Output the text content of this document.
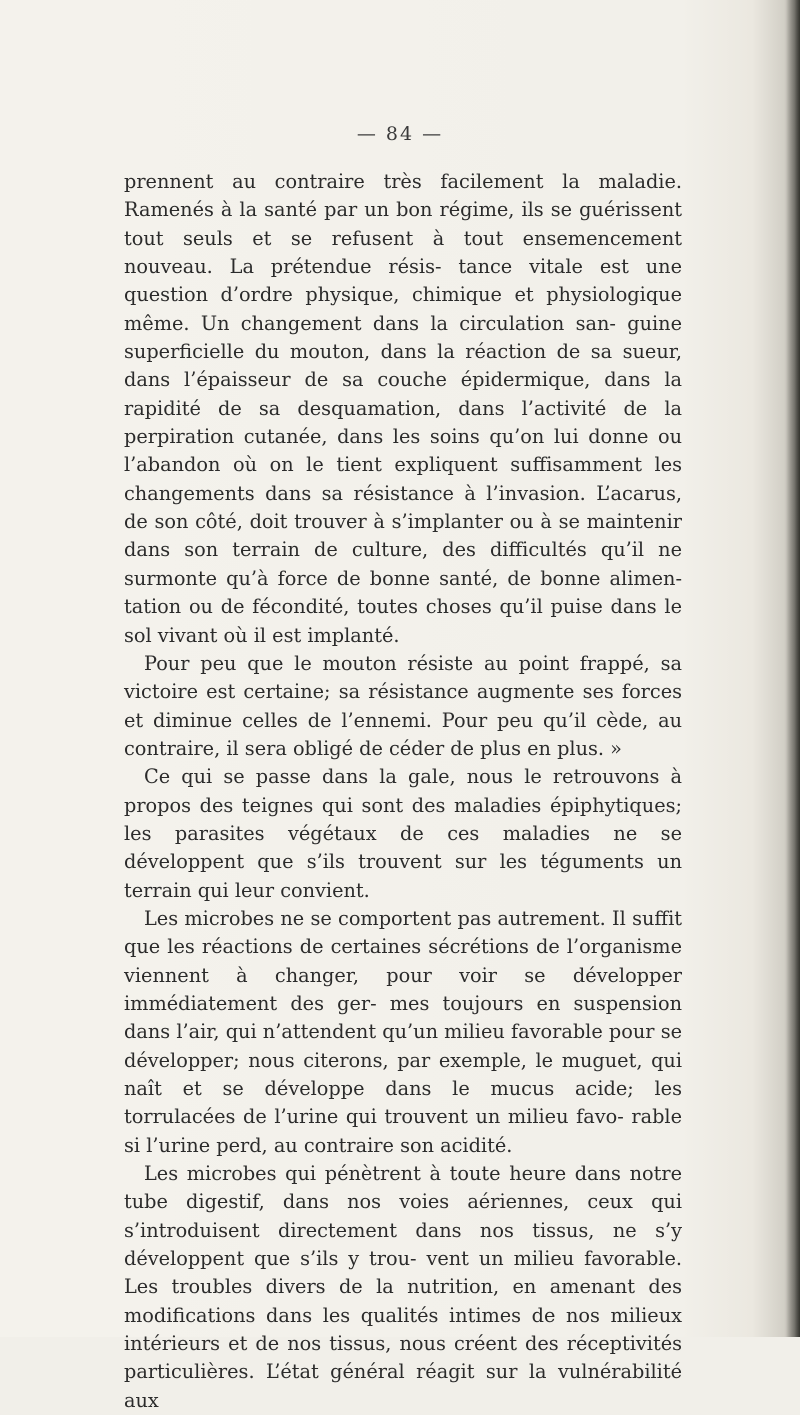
— 84 —

prennent au contraire très facilement la maladie. Ramenés à la santé par un bon régime, ils se guérissent tout seuls et se refusent à tout ensemencement nouveau. La prétendue résis- tance vitale est une question d’ordre physique, chimique et physiologique même. Un changement dans la circulation san- guine superficielle du mouton, dans la réaction de sa sueur, dans l’épaisseur de sa couche épidermique, dans la rapidité de sa desquamation, dans l’activité de la perpiration cutanée, dans les soins qu’on lui donne ou l’abandon où on le tient expliquent suffisamment les changements dans sa résistance à l’invasion. L’acarus, de son côté, doit trouver à s’implanter ou à se maintenir dans son terrain de culture, des difficultés qu’il ne surmonte qu’à force de bonne santé, de bonne alimen- tation ou de fécondité, toutes choses qu’il puise dans le sol vivant où il est implanté.

Pour peu que le mouton résiste au point frappé, sa victoire est certaine; sa résistance augmente ses forces et diminue celles de l’ennemi. Pour peu qu’il cède, au contraire, il sera obligé de céder de plus en plus. »

Ce qui se passe dans la gale, nous le retrouvons à propos des teignes qui sont des maladies épiphytiques; les parasites végétaux de ces maladies ne se développent que s’ils trouvent sur les téguments un terrain qui leur convient.

Les microbes ne se comportent pas autrement. Il suffit que les réactions de certaines sécrétions de l’organisme viennent à changer, pour voir se développer immédiatement des ger- mes toujours en suspension dans l’air, qui n’attendent qu’un milieu favorable pour se développer; nous citerons, par exemple, le muguet, qui naît et se développe dans le mucus acide; les torrulacées de l’urine qui trouvent un milieu favo- rable si l’urine perd, au contraire son acidité.

Les microbes qui pénètrent à toute heure dans notre tube digestif, dans nos voies aériennes, ceux qui s’introduisent directement dans nos tissus, ne s’y développent que s’ils y trou- vent un milieu favorable. Les troubles divers de la nutrition, en amenant des modifications dans les qualités intimes de nos milieux intérieurs et de nos tissus, nous créent des réceptivités particulières. L’état général réagit sur la vulnérabilité aux
